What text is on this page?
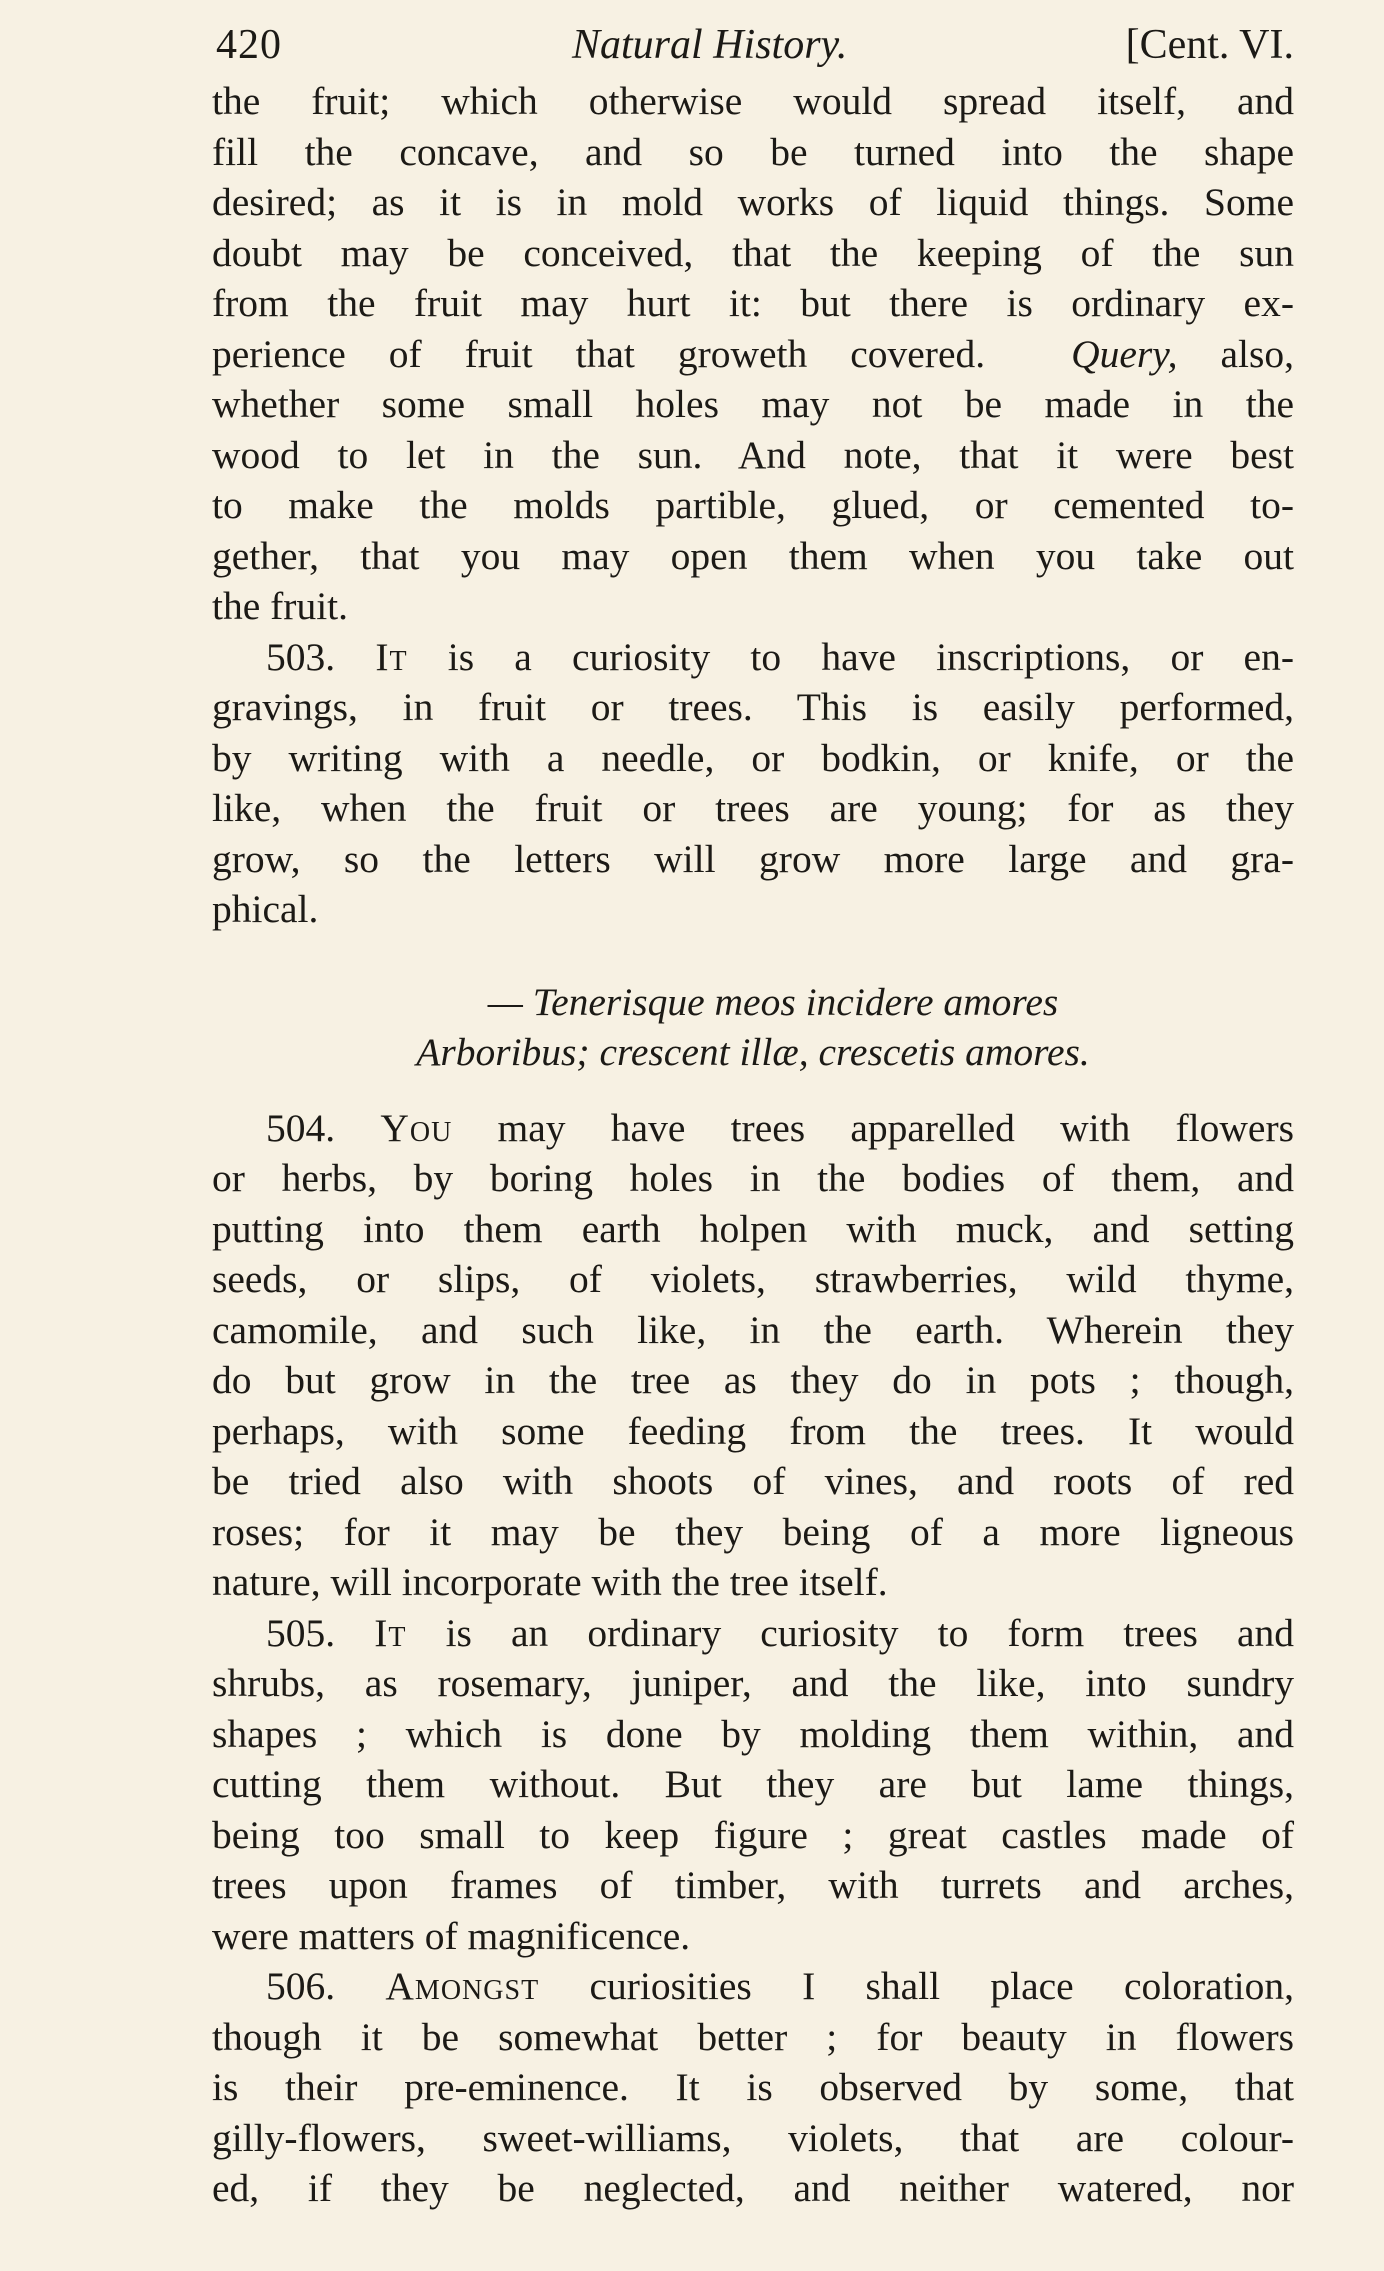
420	Natural History.	[Cent. VI.
the fruit; which otherwise would spread itself, and
fill the concave, and so be turned into the shape
desired; as it is in mold works of liquid things. Some
doubt may be conceived, that the keeping of the sun
from the fruit may hurt it: but there is ordinary ex-
perience of fruit that groweth covered. Query, also,
whether some small holes may not be made in the
wood to let in the sun. And note, that it were best
to make the molds partible, glued, or cemented to-
gether, that you may open them when you take out
the fruit.
503. It is a curiosity to have inscriptions, or en-
gravings, in fruit or trees. This is easily performed,
by writing with a needle, or bodkin, or knife, or the
like, when the fruit or trees are young; for as they
grow, so the letters will grow more large and gra-
phical.
— Tenerisque meos incidere amores
Arboribus; crescent illæ, crescetis amores.
504. You may have trees apparelled with flowers
or herbs, by boring holes in the bodies of them, and
putting into them earth holpen with muck, and setting
seeds, or slips, of violets, strawberries, wild thyme,
camomile, and such like, in the earth. Wherein they
do but grow in the tree as they do in pots ; though,
perhaps, with some feeding from the trees. It would
be tried also with shoots of vines, and roots of red
roses; for it may be they being of a more ligneous
nature, will incorporate with the tree itself.
505. It is an ordinary curiosity to form trees and
shrubs, as rosemary, juniper, and the like, into sundry
shapes ; which is done by molding them within, and
cutting them without. But they are but lame things,
being too small to keep figure ; great castles made of
trees upon frames of timber, with turrets and arches,
were matters of magnificence.
506. Amongst curiosities I shall place coloration,
though it be somewhat better ; for beauty in flowers
is their pre-eminence. It is observed by some, that
gilly-flowers, sweet-williams, violets, that are colour-
ed, if they be neglected, and neither watered, nor
